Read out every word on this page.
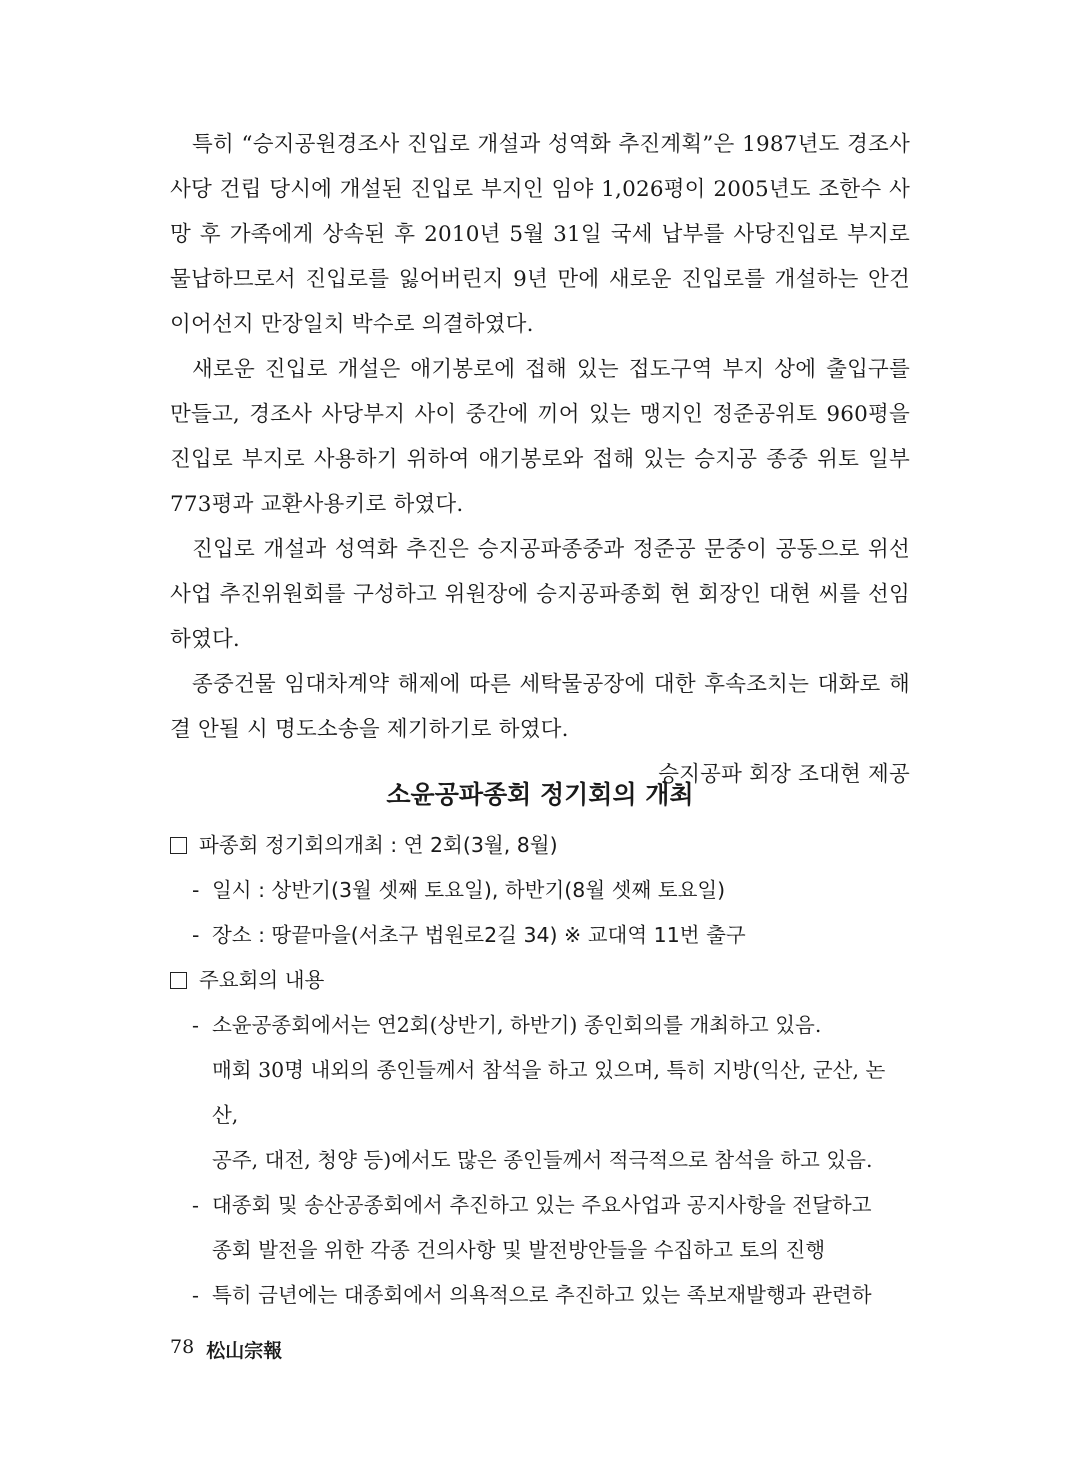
특히 “승지공원경조사 진입로 개설과 성역화 추진계획”은 1987년도 경조사 사당 건립 당시에 개설된 진입로 부지인 임야 1,026평이 2005년도 조한수 사망 후 가족에게 상속된 후 2010년 5월 31일 국세 납부를 사당진입로 부지로 물납하므로서 진입로를 잃어버린지 9년 만에 새로운 진입로를 개설하는 안건이어선지 만장일치 박수로 의결하였다.

새로운 진입로 개설은 애기봉로에 접해 있는 접도구역 부지 상에 출입구를 만들고, 경조사 사당부지 사이 중간에 끼어 있는 맹지인 정준공위토 960평을 진입로 부지로 사용하기 위하여 애기봉로와 접해 있는 승지공 종중 위토 일부 773평과 교환사용키로 하였다.

진입로 개설과 성역화 추진은 승지공파종중과 정준공 문중이 공동으로 위선사업 추진위원회를 구성하고 위원장에 승지공파종회 현 회장인 대현 씨를 선임하였다.

종중건물 임대차계약 해제에 따른 세탁물공장에 대한 후속조치는 대화로 해결 안될 시 명도소송을 제기하기로 하였다.

승지공파 회장 조대현 제공

소윤공파종회 정기회의 개최

파종회 정기회의개최 : 연 2회(3월, 8월)

- 일시 : 상반기(3월 셋째 토요일), 하반기(8월 셋째 토요일)

- 장소 : 땅끝마을(서초구 법원로2길 34) ※ 교대역 11번 출구

주요회의 내용

- 소윤공종회에서는 연2회(상반기, 하반기) 종인회의를 개최하고 있음.

매회 30명 내외의 종인들께서 참석을 하고 있으며, 특히 지방(익산, 군산, 논산,

공주, 대전, 청양 등)에서도 많은 종인들께서 적극적으로 참석을 하고 있음.

- 대종회 및 송산공종회에서 추진하고 있는 주요사업과 공지사항을 전달하고

종회 발전을 위한 각종 건의사항 및 발전방안들을 수집하고 토의 진행

- 특히 금년에는 대종회에서 의욕적으로 추진하고 있는 족보재발행과 관련하

78 松山宗報
